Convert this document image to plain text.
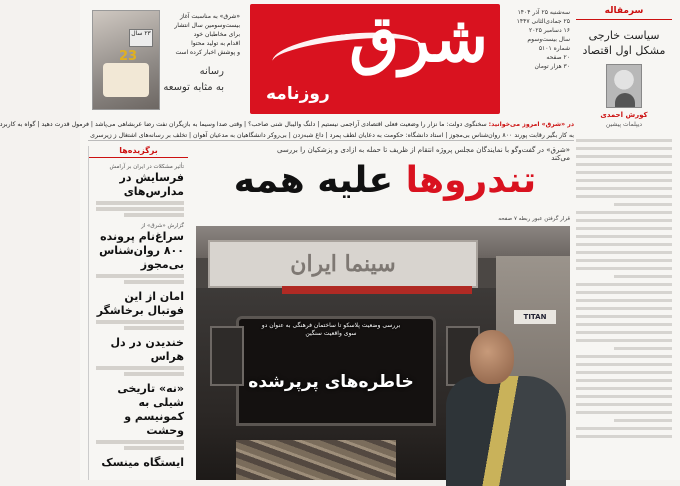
۲۳ سال
23
«شرق» به مناسبت آغاز
بیست‌وسومین سال انتشار
برای مخاطبان خود
اقدام به تولید محتوا
و پوشش اخبار کرده است
رسانه
به مثابه توسعه
شرق
روزنامه
سه‌شنبه ۲۵ آذر ۱۴۰۴
۲۵ جمادی‌الثانی ۱۴۴۷
۱۶ دسامبر ۲۰۲۵
سال بیست‌وسوم
شماره ۵۱۰۱
۲۰ صفحه
۳۰ هزار تومان
سرمقاله
سیاست خارجی مشکل اول اقتصاد
کورش احمدی
دیپلمات پیشین
در «شرق» امروز می‌خوانید: سخنگوی دولت: ما نزار را وضعیت فعلی اقتصادی آراجمی نیستیم | دلنگ والیبال شنی صاحب؟ | وقتی صدا وسیما به بازیگران نفت رضا عربشاهی می‌پاشد | فرمول قدرت دهید | گواه به کاربرد
به کار بگیر رقابت پورند ۸۰۰ روان‌شناس بی‌مجوز | استاد دانشگاه: حکومت به دعایان لطف پمرد | داغ شبه‌زدن | بی‌روکر دانشگاهیان به مدعیان آهوان | تخلف بر رسانه‌های اشتغال ز زیرسری
برگزیده‌ها
تأثیر مشکلات در ایران بر آرامش
فرسایش در مدارس‌های
گزارش «شرق» از
سراغ‌نام پرونده ۸۰۰ روان‌شناس بی‌مجوز
امان از این فوتبال برخاشگر
خندیدن در دل هراس
«نه» تاریخی شیلی به کمونیسم و وحشت
ایستگاه مینسک
«شرق» در گفت‌وگو با نمایندگان مجلس پروژه انتقام از ظریف تا حمله به ازادی و پزشکیان را بررسی می‌کند
تندروها علیه همه
قرار گرفتن عبور ربطه ۷ صفحه
TITAN
سینما ایران
بررسی وضعیت پلاسکو تا ساختمان فرهنگی به عنوان دو سوی واقعیت سنگین
خاطره‌های پرپرشده
